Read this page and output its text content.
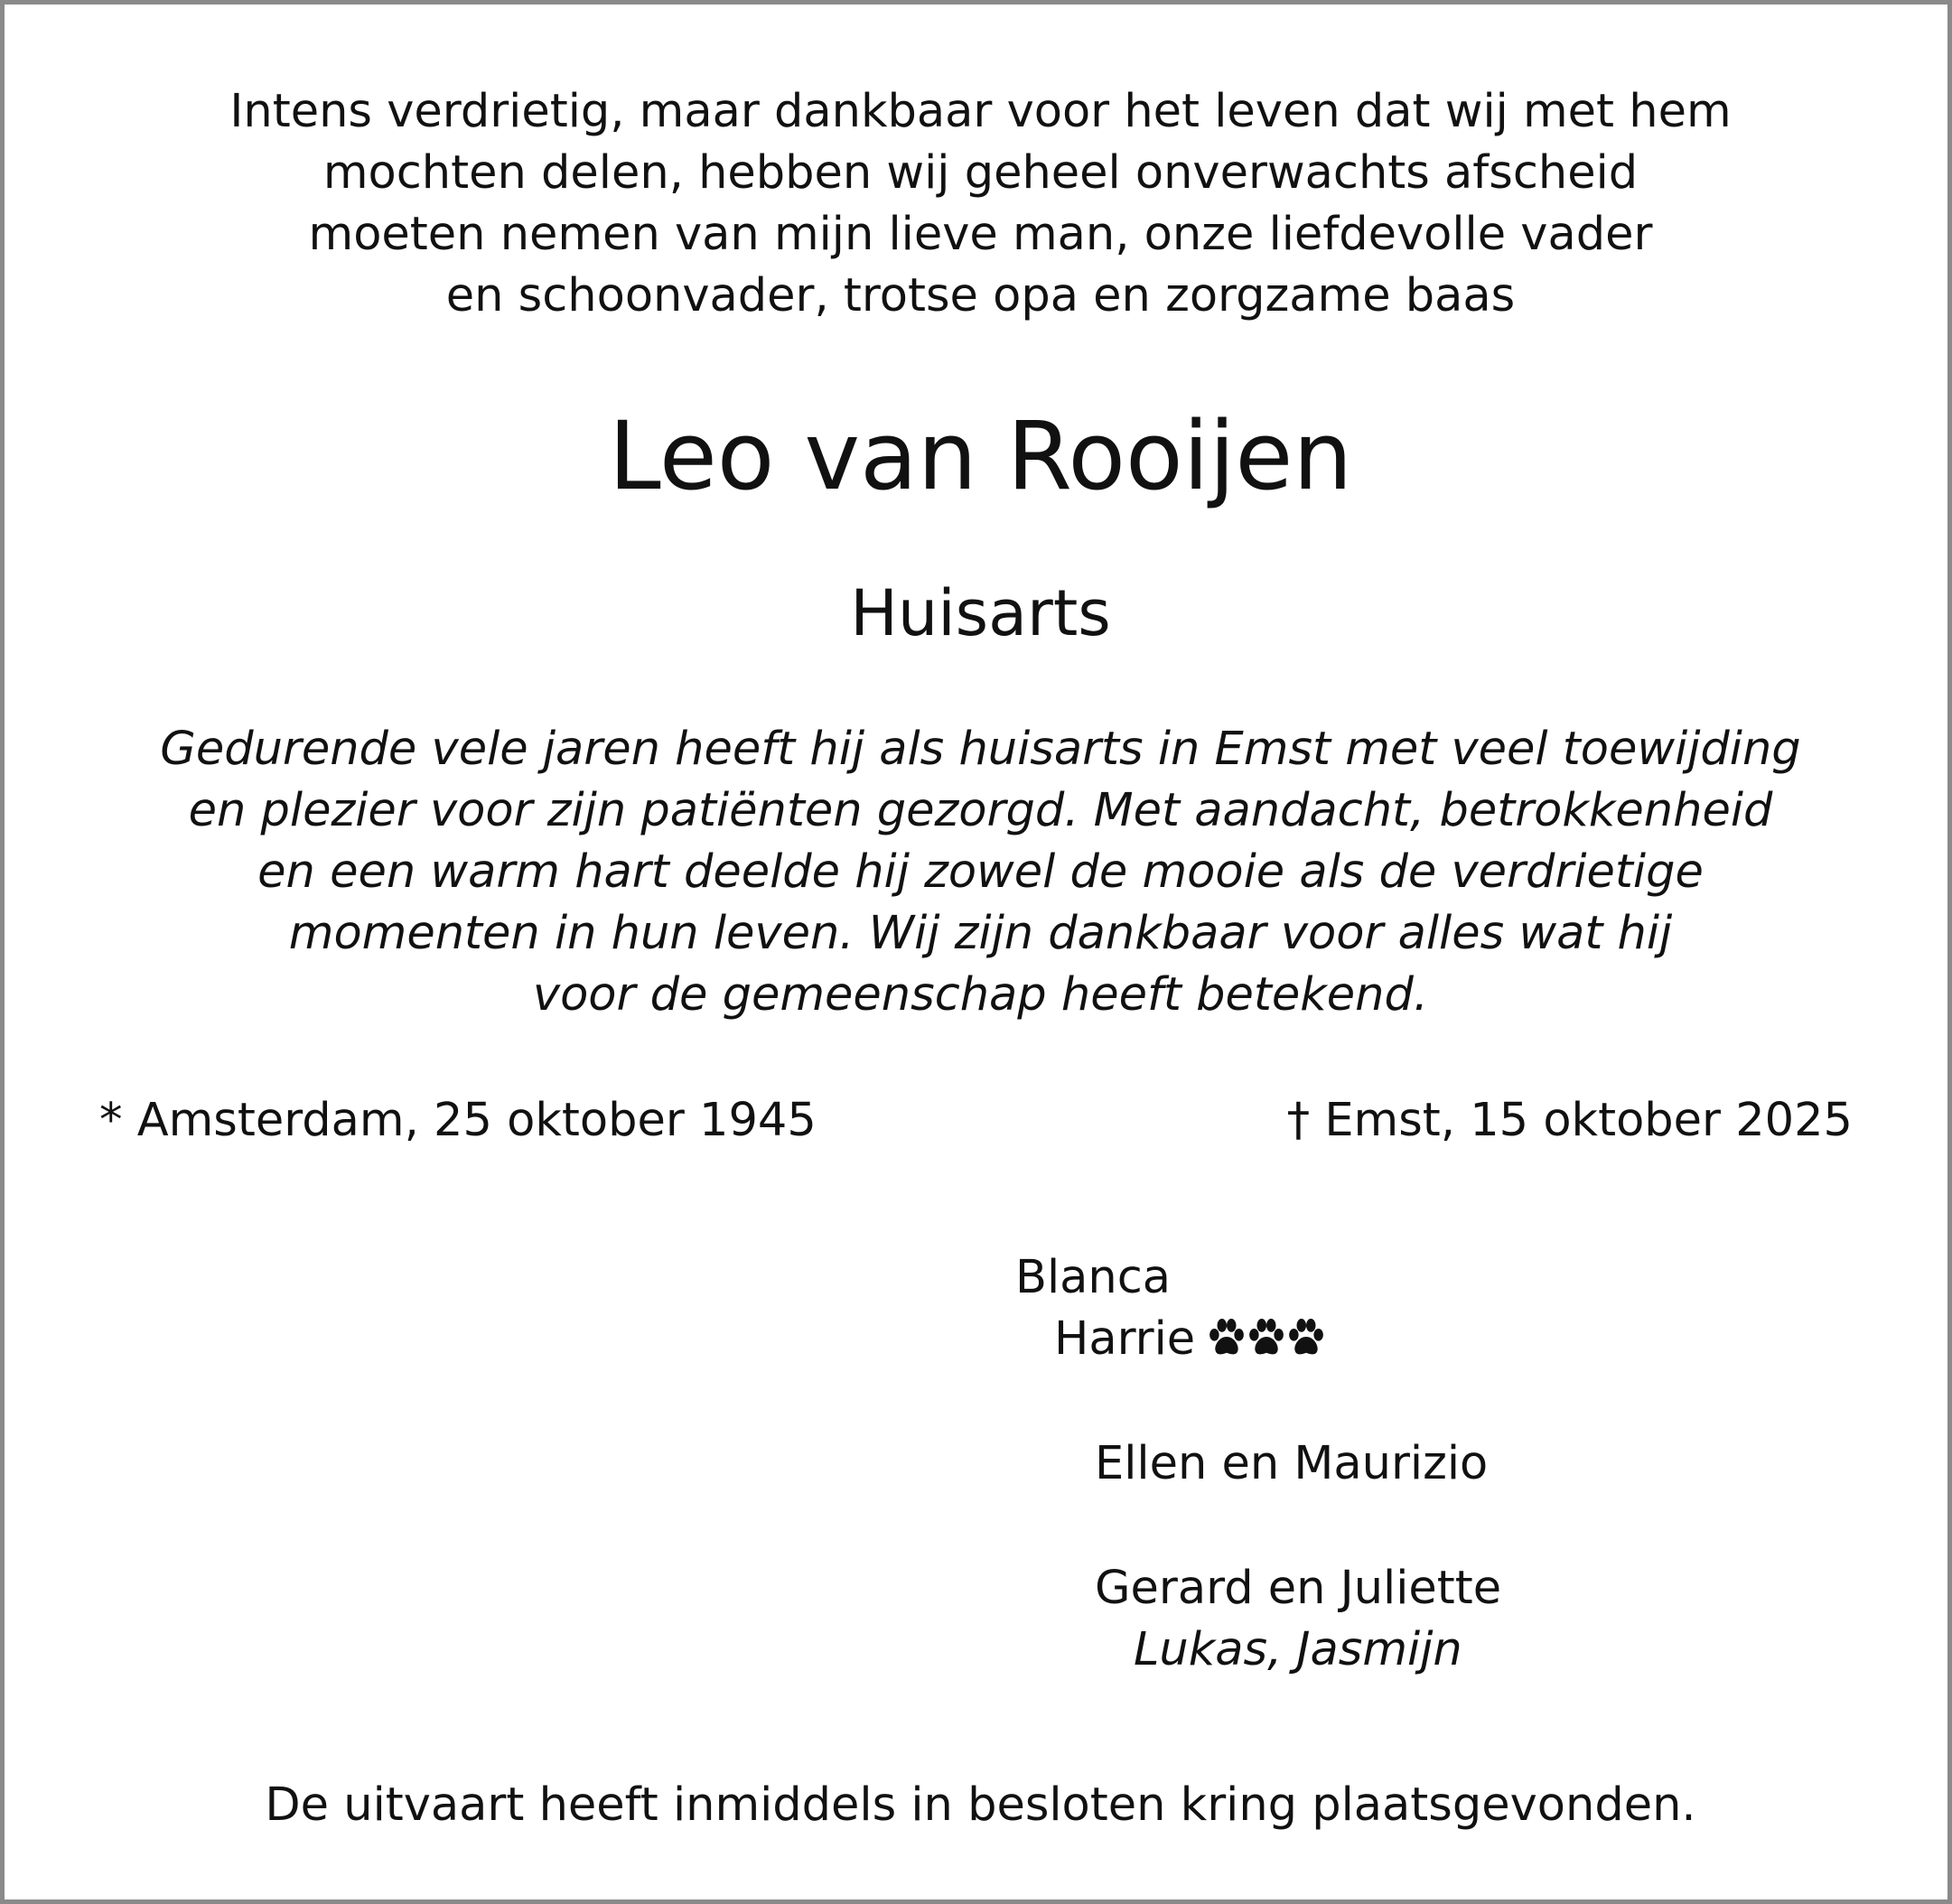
Intens verdrietig, maar dankbaar voor het leven dat wij met hem
mochten delen, hebben wij geheel onverwachts afscheid
moeten nemen van mijn lieve man, onze liefdevolle vader
en schoonvader, trotse opa en zorgzame baas
Leo van Rooijen
Huisarts
Gedurende vele jaren heeft hij als huisarts in Emst met veel toewijding
en plezier voor zijn patiënten gezorgd. Met aandacht, betrokkenheid
en een warm hart deelde hij zowel de mooie als de verdrietige
momenten in hun leven. Wij zijn dankbaar voor alles wat hij
voor de gemeenschap heeft betekend.
* Amsterdam, 25 oktober 1945	† Emst, 15 oktober 2025
Blanca
Harrie
Ellen en Maurizio
Gerard en Juliette
Lukas, Jasmijn
De uitvaart heeft inmiddels in besloten kring plaatsgevonden.
